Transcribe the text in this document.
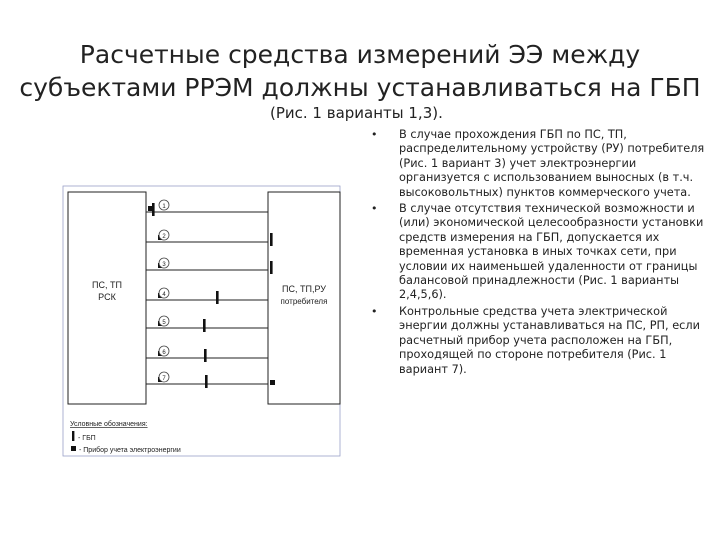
Расчетные средства измерений ЭЭ между
субъектами РРЭМ должны устанавливаться на ГБП
(Рис. 1 варианты 1,3).
• В случае прохождения ГБП по ПС, ТП, распределительному устройству (РУ) потребителя (Рис. 1 вариант 3) учет электроэнергии организуется с использованием выносных (в т.ч. высоковольтных) пунктов коммерческого учета.
• В случае отсутствия технической возможности и (или) экономической целесообразности установки средств измерения на ГБП, допускается их временная установка в иных точках сети, при условии их наименьшей удаленности от границы балансовой принадлежности (Рис. 1 варианты 2,4,5,6).
• Контрольные средства учета электрической энергии должны устанавливаться на ПС, РП, если расчетный прибор учета расположен на ГБП, проходящей по стороне потребителя (Рис. 1 вариант 7).
ПС, ТП
РСК
ПС, ТП,РУ
потребителя
1
2
3
4
5
6
7
Условные обозначения:
- ГБП
- Прибор учета электроэнергии
